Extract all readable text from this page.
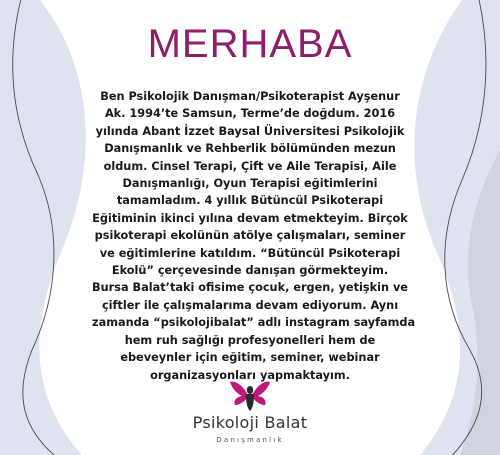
MERHABA
Ben Psikolojik Danışman/Psikoterapist Ayşenur
Ak. 1994’te Samsun, Terme’de doğdum. 2016
yılında Abant İzzet Baysal Üniversitesi Psikolojik
Danışmanlık ve Rehberlik bölümünden mezun
oldum. Cinsel Terapi, Çift ve Aile Terapisi, Aile
Danışmanlığı, Oyun Terapisi eğitimlerini
tamamladım. 4 yıllık Bütüncül Psikoterapi
Eğitiminin ikinci yılına devam etmekteyim. Birçok
psikoterapi ekolünün atölye çalışmaları, seminer
ve eğitimlerine katıldım. “Bütüncül Psikoterapi
Ekolü” çerçevesinde danışan görmekteyim.
Bursa Balat’taki ofisime çocuk, ergen, yetişkin ve
çiftler ile çalışmalarıma devam ediyorum. Aynı
zamanda “psikolojibalat” adlı instagram sayfamda
hem ruh sağlığı profesyonelleri hem de
ebeveynler için eğitim, seminer, webinar
organizasyonları yapmaktayım.
Psikoloji Balat
Danışmanlık
